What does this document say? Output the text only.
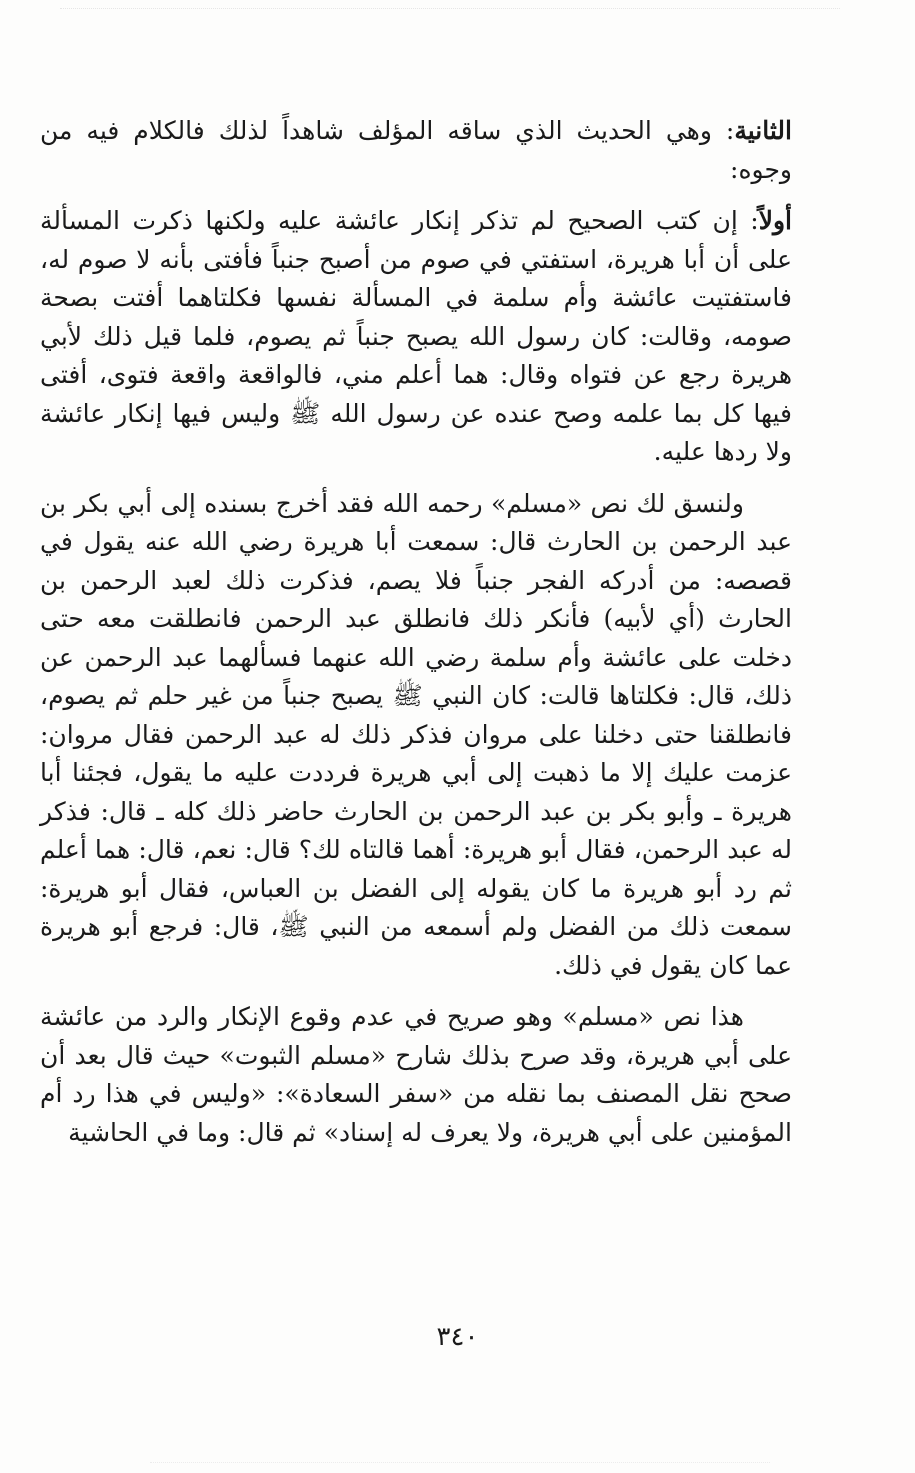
الثانية: وهي الحديث الذي ساقه المؤلف شاهداً لذلك فالكلام فيه من وجوه:

أولاً: إن كتب الصحيح لم تذكر إنكار عائشة عليه ولكنها ذكرت المسألة على أن أبا هريرة، استفتي في صوم من أصبح جنباً فأفتى بأنه لا صوم له، فاستفتيت عائشة وأم سلمة في المسألة نفسها فكلتاهما أفتت بصحة صومه، وقالت: كان رسول الله يصبح جنباً ثم يصوم، فلما قيل ذلك لأبي هريرة رجع عن فتواه وقال: هما أعلم مني، فالواقعة واقعة فتوى، أفتى فيها كل بما علمه وصح عنده عن رسول الله ﷺ وليس فيها إنكار عائشة ولا ردها عليه.

ولنسق لك نص «مسلم» رحمه الله فقد أخرج بسنده إلى أبي بكر بن عبد الرحمن بن الحارث قال: سمعت أبا هريرة رضي الله عنه يقول في قصصه: من أدركه الفجر جنباً فلا يصم، فذكرت ذلك لعبد الرحمن بن الحارث (أي لأبيه) فأنكر ذلك فانطلق عبد الرحمن فانطلقت معه حتى دخلت على عائشة وأم سلمة رضي الله عنهما فسألهما عبد الرحمن عن ذلك، قال: فكلتاها قالت: كان النبي ﷺ يصبح جنباً من غير حلم ثم يصوم، فانطلقنا حتى دخلنا على مروان فذكر ذلك له عبد الرحمن فقال مروان: عزمت عليك إلا ما ذهبت إلى أبي هريرة فرددت عليه ما يقول، فجئنا أبا هريرة ـ وأبو بكر بن عبد الرحمن بن الحارث حاضر ذلك كله ـ قال: فذكر له عبد الرحمن، فقال أبو هريرة: أهما قالتاه لك؟ قال: نعم، قال: هما أعلم ثم رد أبو هريرة ما كان يقوله إلى الفضل بن العباس، فقال أبو هريرة: سمعت ذلك من الفضل ولم أسمعه من النبي ﷺ، قال: فرجع أبو هريرة عما كان يقول في ذلك.

هذا نص «مسلم» وهو صريح في عدم وقوع الإنكار والرد من عائشة على أبي هريرة، وقد صرح بذلك شارح «مسلم الثبوت» حيث قال بعد أن صحح نقل المصنف بما نقله من «سفر السعادة»: «وليس في هذا رد أم المؤمنين على أبي هريرة، ولا يعرف له إسناد» ثم قال: وما في الحاشية

٣٤٠
